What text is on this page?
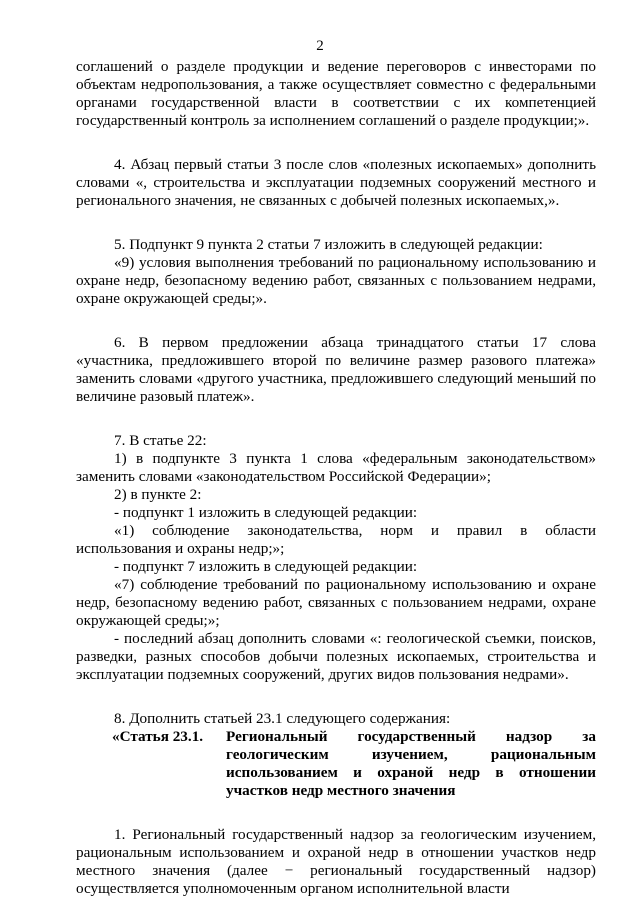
2

соглашений о разделе продукции и ведение переговоров с инвесторами по объектам недропользования, а также осуществляет совместно с федеральными органами государственной власти в соответствии с их компетенцией государственный контроль за исполнением соглашений о разделе продукции;».

4. Абзац первый статьи 3 после слов «полезных ископаемых» дополнить словами «, строительства и эксплуатации подземных сооружений местного и регионального значения, не связанных с добычей полезных ископаемых,».

5. Подпункт 9 пункта 2 статьи 7 изложить в следующей редакции:

«9) условия выполнения требований по рациональному использованию и охране недр, безопасному ведению работ, связанных с пользованием недрами, охране окружающей среды;».

6. В первом предложении абзаца тринадцатого статьи 17 слова «участника, предложившего второй по величине размер разового платежа» заменить словами «другого участника, предложившего следующий меньший по величине разовый платеж».

7. В статье 22:

1) в подпункте 3 пункта 1 слова «федеральным законодательством» заменить словами «законодательством Российской Федерации»;

2) в пункте 2:

- подпункт 1 изложить в следующей редакции:

«1) соблюдение законодательства, норм и правил в области использования и охраны недр;»;

- подпункт 7 изложить в следующей редакции:

«7) соблюдение требований по рациональному использованию и охране недр, безопасному ведению работ, связанных с пользованием недрами, охране окружающей среды;»;

- последний абзац дополнить словами «: геологической съемки, поисков, разведки, разных способов добычи полезных ископаемых, строительства и эксплуатации подземных сооружений, других видов пользования недрами».

8. Дополнить статьей 23.1 следующего содержания:

«Статья 23.1.	Региональный государственный надзор за геологическим изучением, рациональным использованием и охраной недр в отношении участков недр местного значения

1. Региональный государственный надзор за геологическим изучением, рациональным использованием и охраной недр в отношении участков недр местного значения (далее − региональный государственный надзор) осуществляется уполномоченным органом исполнительной власти
